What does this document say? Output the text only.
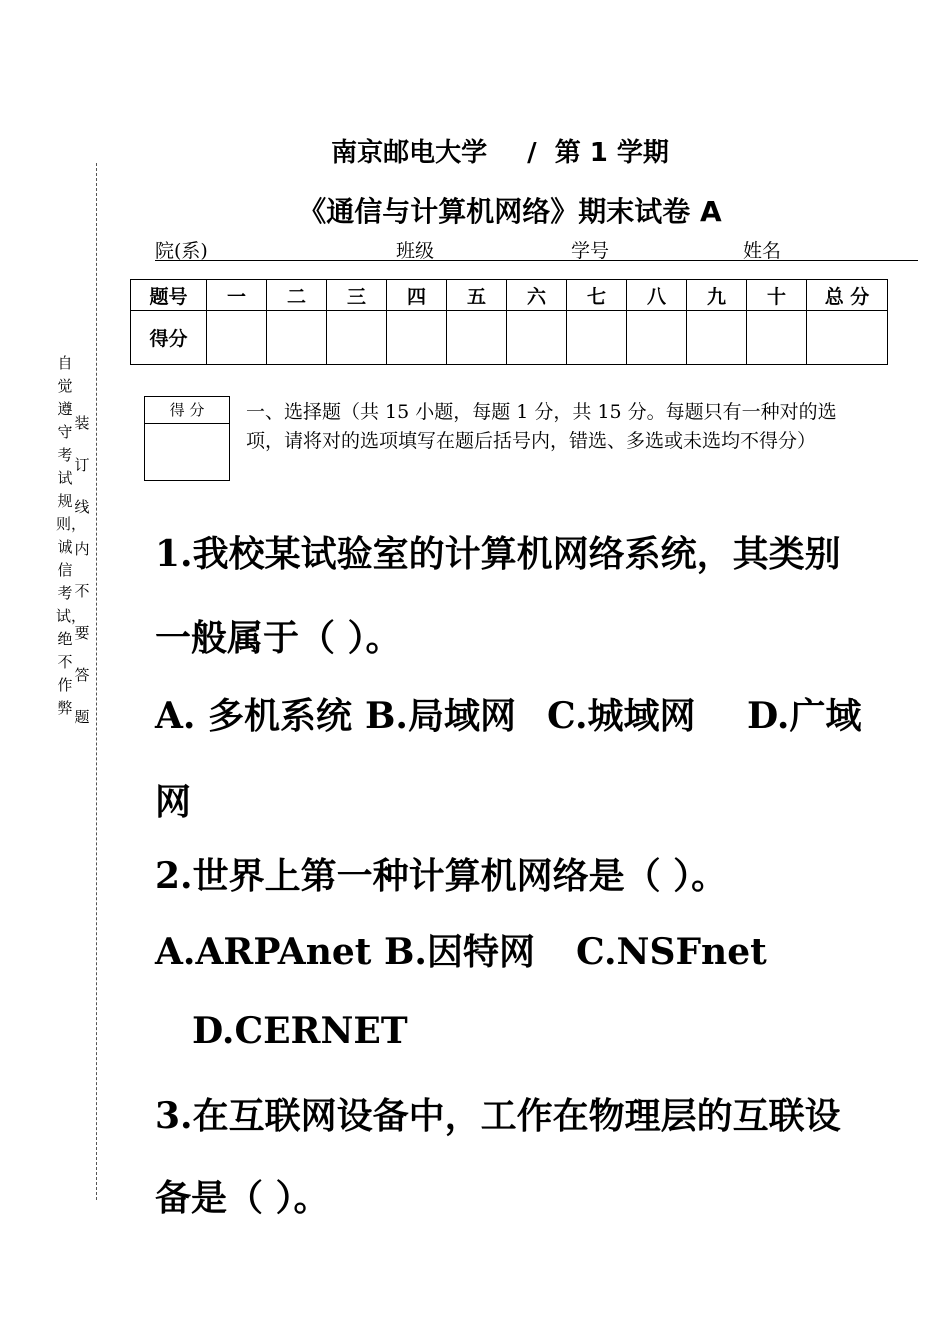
自觉遵守考试规则，诚信考试，绝不作弊
装订线内不要答题
南京邮电大学 / 第 1 学期
《通信与计算机网络》期末试卷 A
院(系)	班级	学号	姓名
题号	一	二	三	四	五	六	七	八	九	十	总 分
得分											
得 分	一、选择题（共 15 小题，每题 1 分，共 15 分。每题只有一种对的选项，请将对的选项填写在题后括号内，错选、多选或未选均不得分）
1.我校某试验室的计算机网络系统，其类别
一般属于（ ）。
A. 多机系统 B.局域网 C.城域网 D.广域
网
2.世界上第一种计算机网络是（ ）。
A.ARPAnet B.因特网 C.NSFnet
D.CERNET
3.在互联网设备中，工作在物理层的互联设
备是（ ）。
